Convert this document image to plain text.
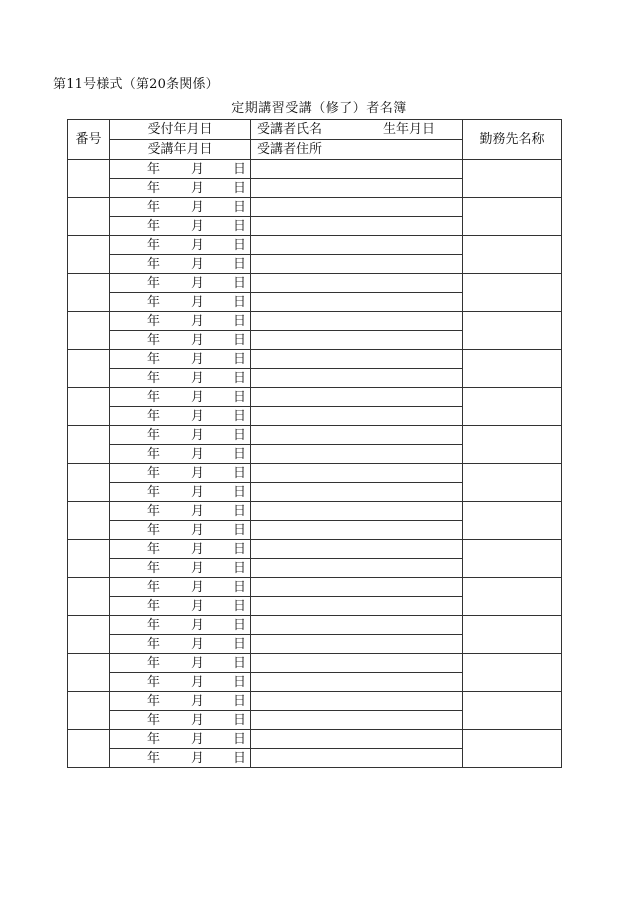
第11号様式（第20条関係）
定期講習受講（修了）者名簿
番号	受付年月日	受講者氏名 生年月日	勤務先名称
	受講年月日	受講者住所	

	年 月 日		

	年 月 日		

	年 月 日		

	年 月 日		

	年 月 日		

	年 月 日		

	年 月 日		

	年 月 日		

	年 月 日		

	年 月 日		

	年 月 日		

	年 月 日		

	年 月 日		

	年 月 日		

	年 月 日		

	年 月 日		

	年 月 日		

	年 月 日		

	年 月 日		

	年 月 日		

	年 月 日		

	年 月 日		

	年 月 日		

	年 月 日		

	年 月 日		

	年 月 日		

	年 月 日		

	年 月 日		

	年 月 日		

	年 月 日		

	年 月 日		

	年 月 日		
